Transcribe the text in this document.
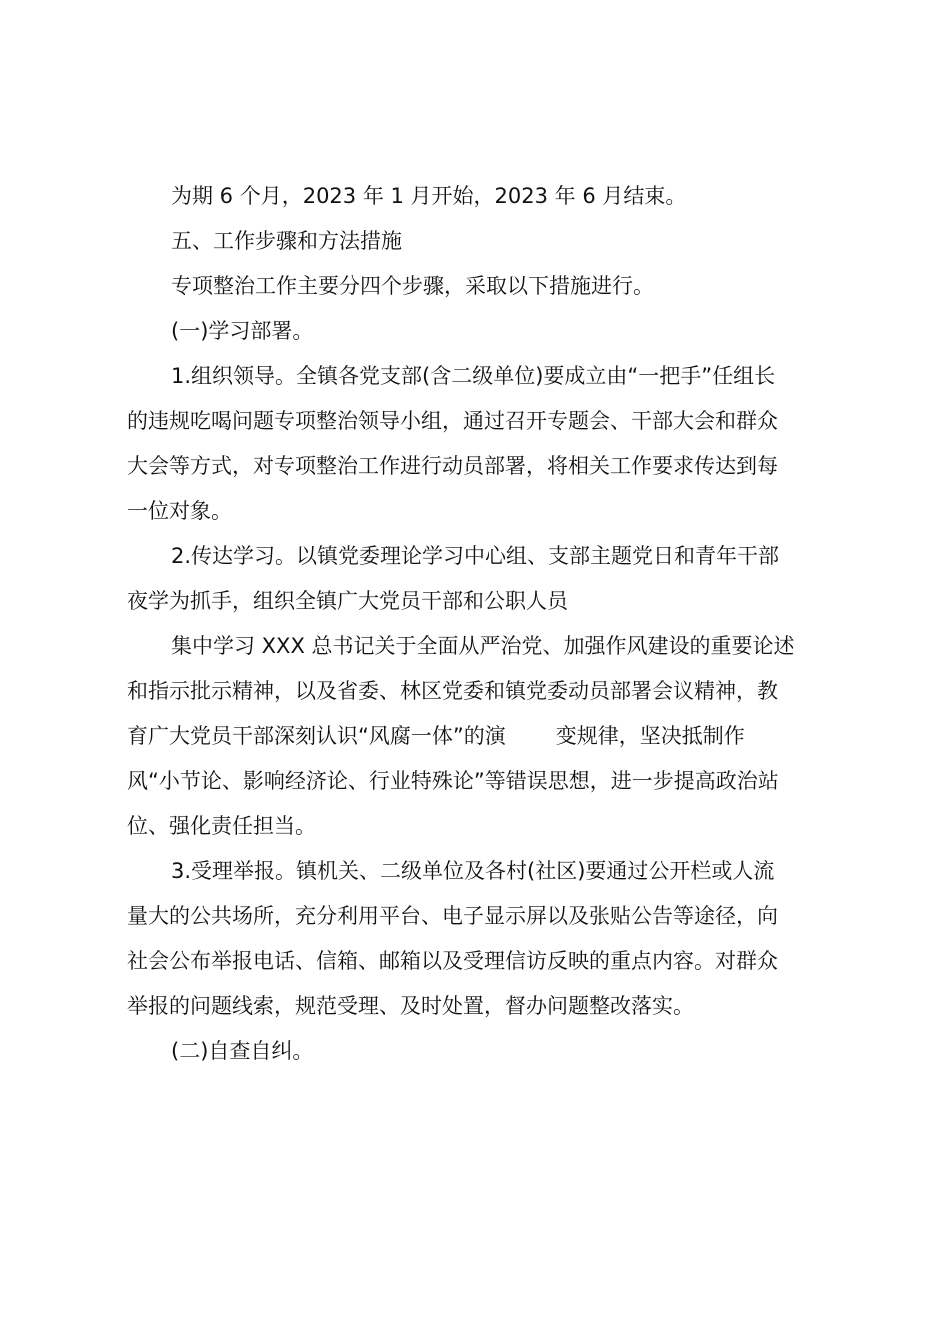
为期 6 个月，2023 年 1 月开始，2023 年 6 月结束。

五、工作步骤和方法措施

专项整治工作主要分四个步骤，采取以下措施进行。

(一)学习部署。

1.组织领导。全镇各党支部(含二级单位)要成立由“一把手”任组长
的违规吃喝问题专项整治领导小组，通过召开专题会、干部大会和群众
大会等方式，对专项整治工作进行动员部署，将相关工作要求传达到每
一位对象。

2.传达学习。以镇党委理论学习中心组、支部主题党日和青年干部
夜学为抓手，组织全镇广大党员干部和公职人员

集中学习 XXX 总书记关于全面从严治党、加强作风建设的重要论述
和指示批示精神，以及省委、林区党委和镇党委动员部署会议精神，教
育广大党员干部深刻认识“风腐一体”的演 变规律，坚决抵制作
风“小节论、影响经济论、行业特殊论”等错误思想，进一步提高政治站
位、强化责任担当。

3.受理举报。镇机关、二级单位及各村(社区)要通过公开栏或人流
量大的公共场所，充分利用平台、电子显示屏以及张贴公告等途径，向
社会公布举报电话、信箱、邮箱以及受理信访反映的重点内容。对群众
举报的问题线索，规范受理、及时处置，督办问题整改落实。

(二)自查自纠。
